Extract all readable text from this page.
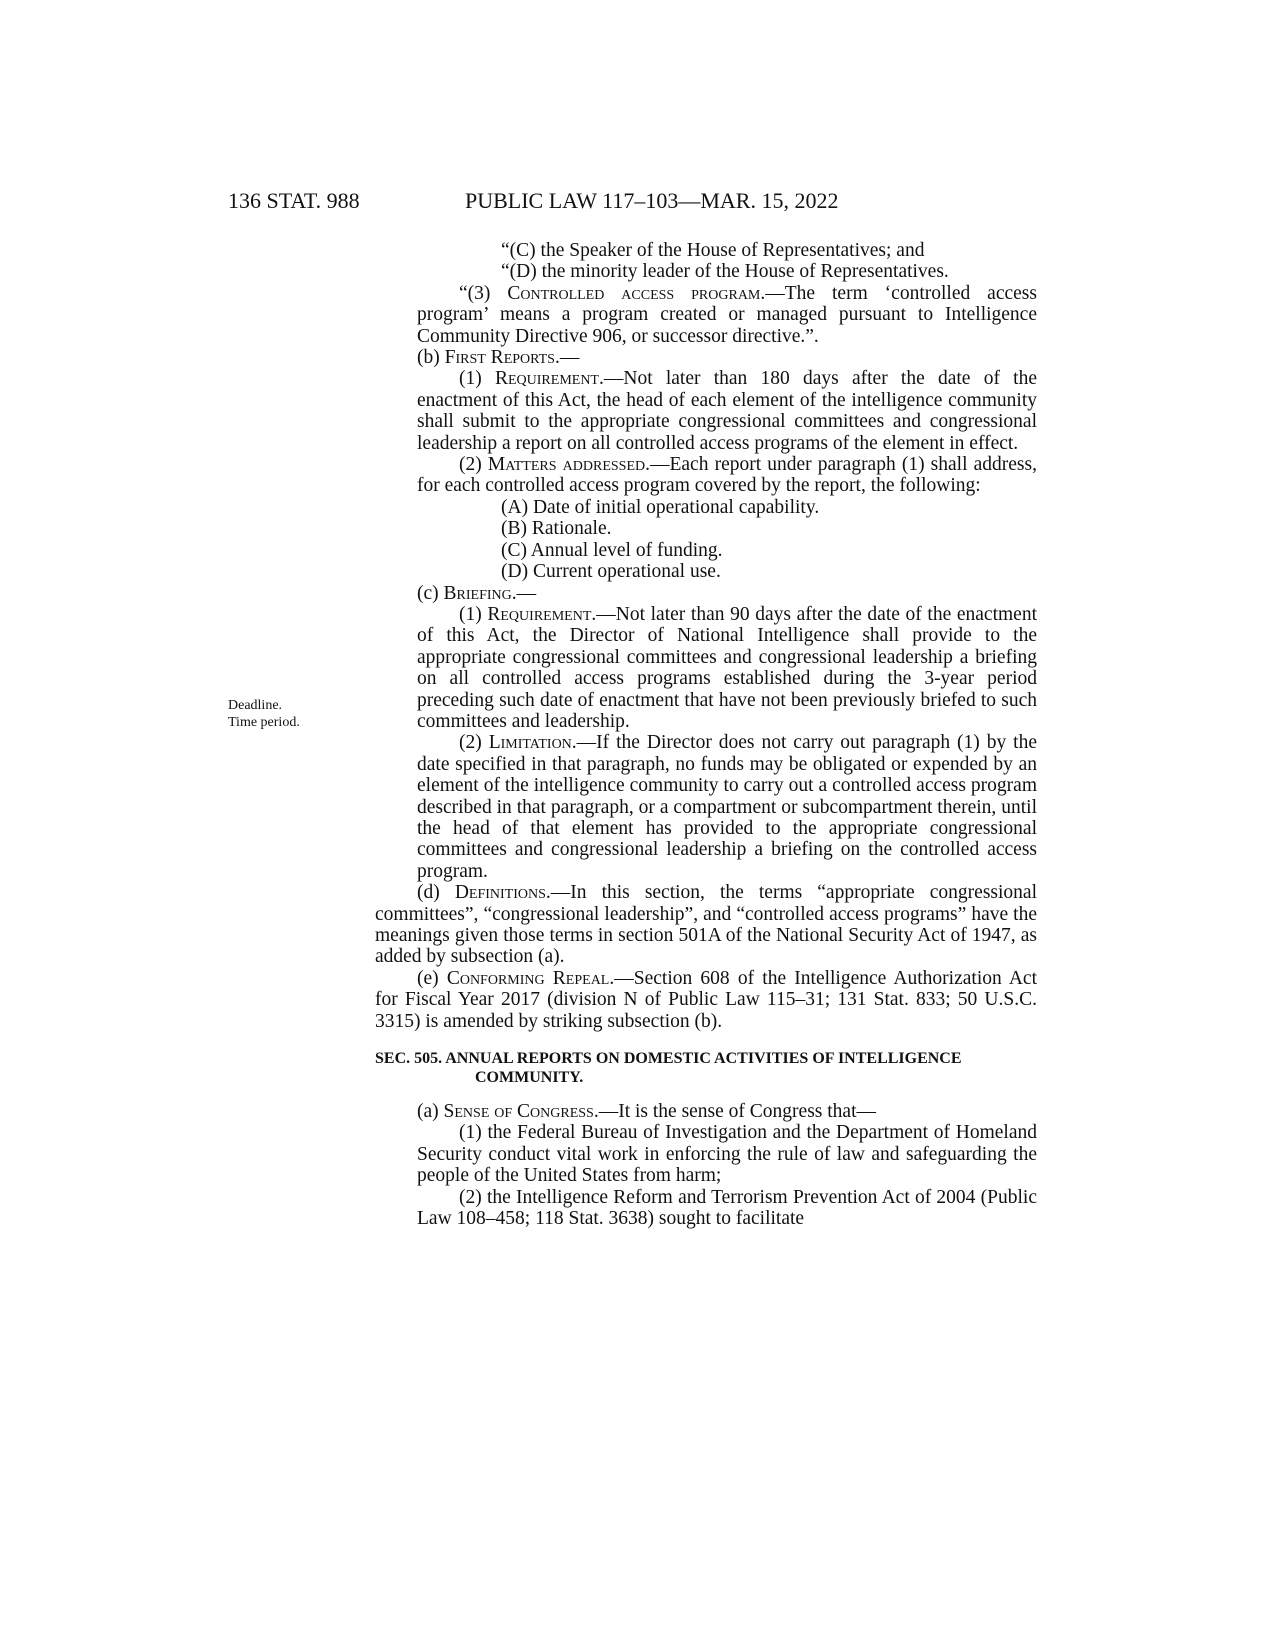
136 STAT. 988	PUBLIC LAW 117–103—MAR. 15, 2022
Deadline.
Time period.
“(C) the Speaker of the House of Representatives; and
“(D) the minority leader of the House of Representatives.
“(3) Controlled access program.—The term ‘controlled access program’ means a program created or managed pursuant to Intelligence Community Directive 906, or successor directive.”.
(b) First Reports.—
(1) Requirement.—Not later than 180 days after the date of the enactment of this Act, the head of each element of the intelligence community shall submit to the appropriate congressional committees and congressional leadership a report on all controlled access programs of the element in effect.
(2) Matters addressed.—Each report under paragraph (1) shall address, for each controlled access program covered by the report, the following:
(A) Date of initial operational capability.
(B) Rationale.
(C) Annual level of funding.
(D) Current operational use.
(c) Briefing.—
(1) Requirement.—Not later than 90 days after the date of the enactment of this Act, the Director of National Intelligence shall provide to the appropriate congressional committees and congressional leadership a briefing on all controlled access programs established during the 3-year period preceding such date of enactment that have not been previously briefed to such committees and leadership.
(2) Limitation.—If the Director does not carry out paragraph (1) by the date specified in that paragraph, no funds may be obligated or expended by an element of the intelligence community to carry out a controlled access program described in that paragraph, or a compartment or subcompartment therein, until the head of that element has provided to the appropriate congressional committees and congressional leadership a briefing on the controlled access program.
(d) Definitions.—In this section, the terms “appropriate congressional committees”, “congressional leadership”, and “controlled access programs” have the meanings given those terms in section 501A of the National Security Act of 1947, as added by subsection (a).
(e) Conforming Repeal.—Section 608 of the Intelligence Authorization Act for Fiscal Year 2017 (division N of Public Law 115–31; 131 Stat. 833; 50 U.S.C. 3315) is amended by striking subsection (b).
SEC. 505. ANNUAL REPORTS ON DOMESTIC ACTIVITIES OF INTELLIGENCE COMMUNITY.
(a) Sense of Congress.—It is the sense of Congress that—
(1) the Federal Bureau of Investigation and the Department of Homeland Security conduct vital work in enforcing the rule of law and safeguarding the people of the United States from harm;
(2) the Intelligence Reform and Terrorism Prevention Act of 2004 (Public Law 108–458; 118 Stat. 3638) sought to facilitate
